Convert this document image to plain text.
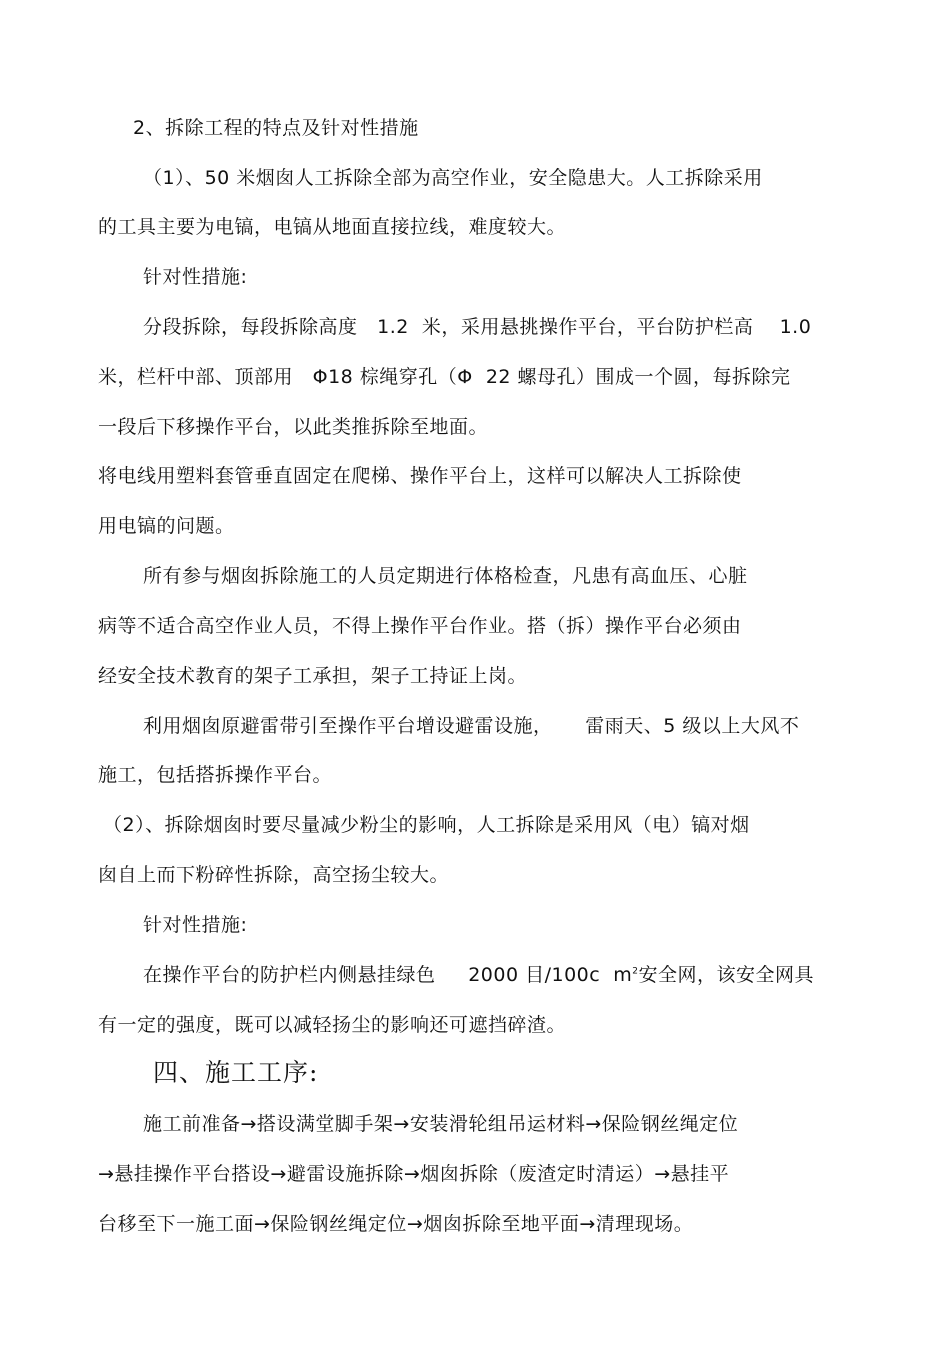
2、拆除工程的特点及针对性措施
（1）、50 米烟囱人工拆除全部为高空作业，安全隐患大。人工拆除采用
的工具主要为电镐，电镐从地面直接拉线，难度较大。
针对性措施:
分段拆除，每段拆除高度   1.2  米，采用悬挑操作平台，平台防护栏高    1.0
米，栏杆中部、顶部用   Φ18 棕绳穿孔（Φ  22 螺母孔）围成一个圆，每拆除完
一段后下移操作平台，以此类推拆除至地面。
将电线用塑料套管垂直固定在爬梯、操作平台上，这样可以解决人工拆除使
用电镐的问题。
所有参与烟囱拆除施工的人员定期进行体格检查，凡患有高血压、心脏
病等不适合高空作业人员，不得上操作平台作业。搭（拆）操作平台必须由
经安全技术教育的架子工承担，架子工持证上岗。
利用烟囱原避雷带引至操作平台增设避雷设施，     雷雨天、5 级以上大风不
施工，包括搭拆操作平台。
（2）、拆除烟囱时要尽量减少粉尘的影响，人工拆除是采用风（电）镐对烟
囱自上而下粉碎性拆除，高空扬尘较大。
针对性措施:
在操作平台的防护栏内侧悬挂绿色     2000 目/100c  $m^2$安全网，该安全网具
有一定的强度，既可以减轻扬尘的影响还可遮挡碎渣。
四、施工工序:
施工前准备→搭设满堂脚手架→安装滑轮组吊运材料→保险钢丝绳定位
→悬挂操作平台搭设→避雷设施拆除→烟囱拆除（废渣定时清运）→悬挂平
台移至下一施工面→保险钢丝绳定位→烟囱拆除至地平面→清理现场。
